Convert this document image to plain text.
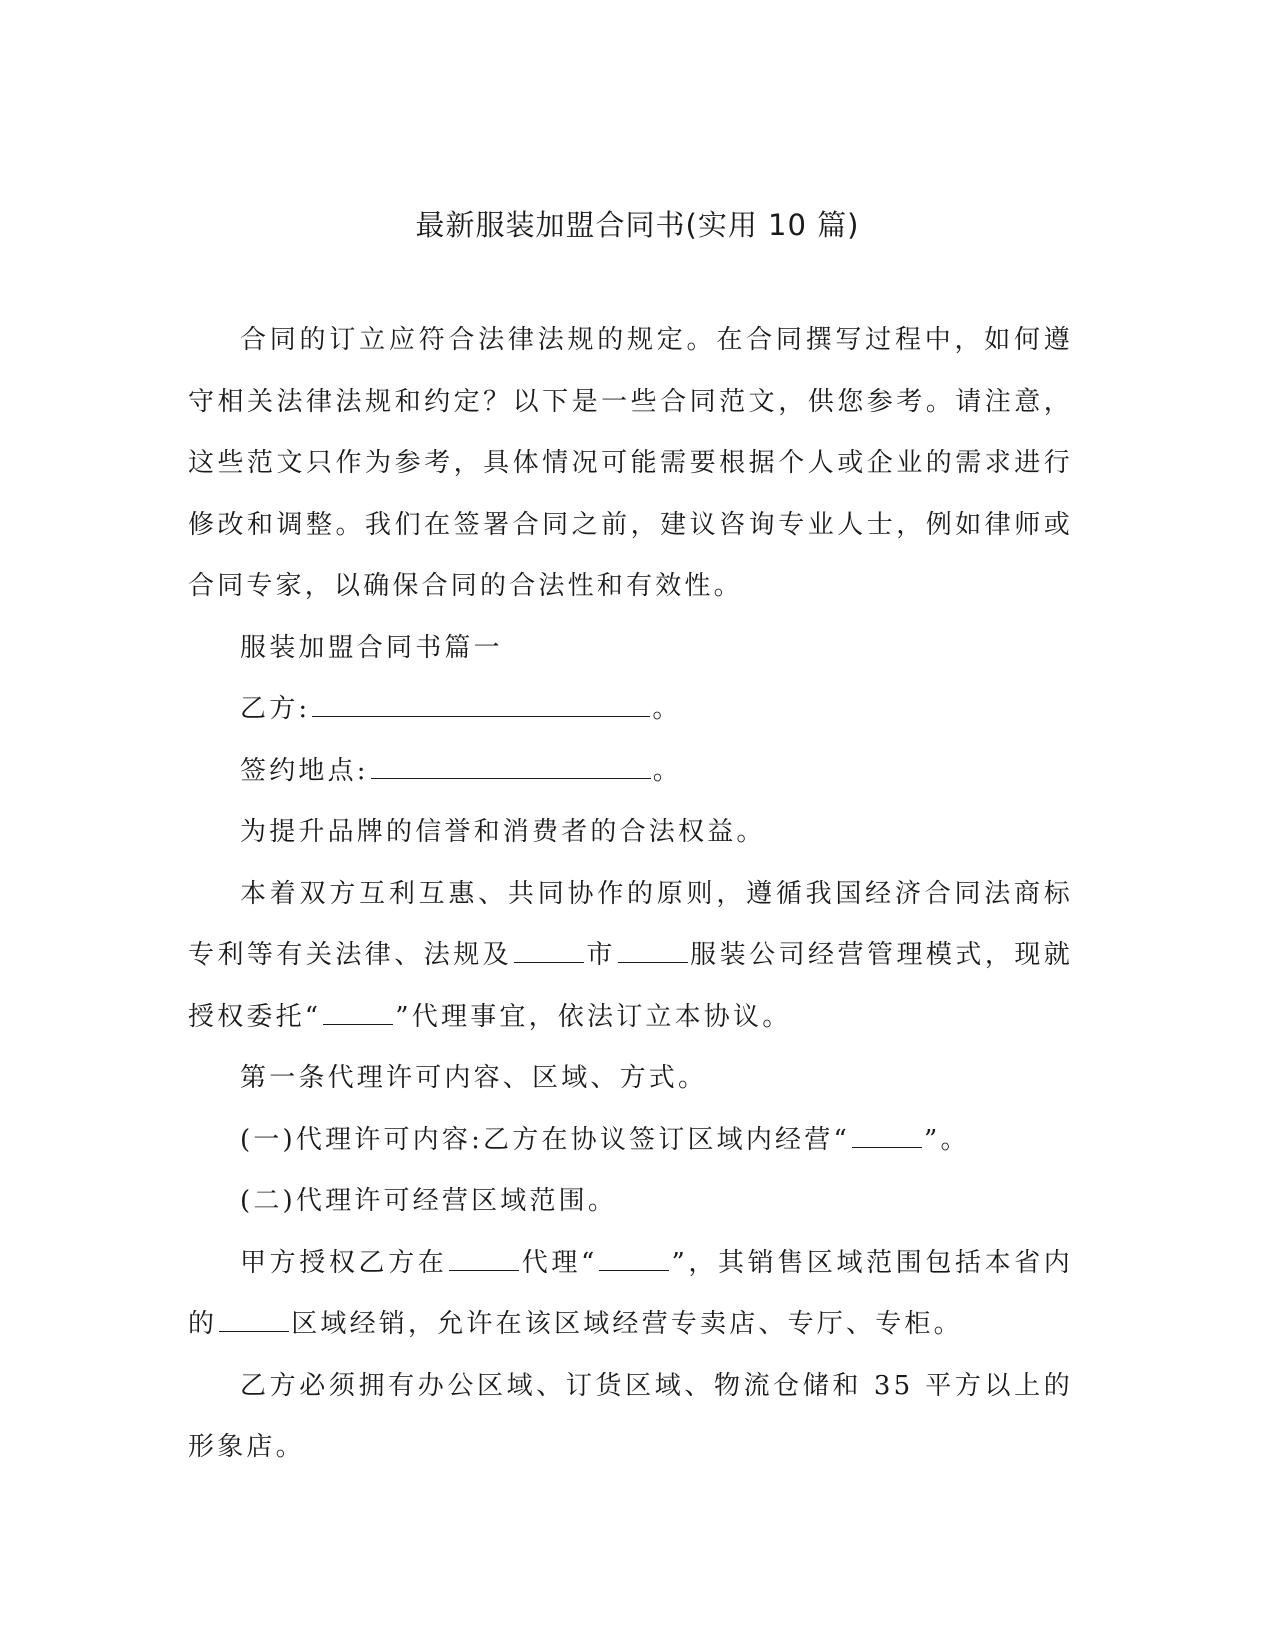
最新服装加盟合同书(实用 10 篇)

合同的订立应符合法律法规的规定。在合同撰写过程中，如何遵守相关法律法规和约定？以下是一些合同范文，供您参考。请注意，这些范文只作为参考，具体情况可能需要根据个人或企业的需求进行修改和调整。我们在签署合同之前，建议咨询专业人士，例如律师或合同专家，以确保合同的合法性和有效性。

服装加盟合同书篇一

乙方:	。

签约地点:	。

为提升品牌的信誉和消费者的合法权益。

本着双方互利互惠、共同协作的原则，遵循我国经济合同法商标专利等有关法律、法规及	市	服装公司经营管理模式，现就授权委托“	”代理事宜，依法订立本协议。

第一条代理许可内容、区域、方式。

(一)代理许可内容:乙方在协议签订区域内经营“	”。

(二)代理许可经营区域范围。

甲方授权乙方在	代理“	”，其销售区域范围包括本省内的	区域经销，允许在该区域经营专卖店、专厅、专柜。

乙方必须拥有办公区域、订货区域、物流仓储和 35 平方以上的形象店。
